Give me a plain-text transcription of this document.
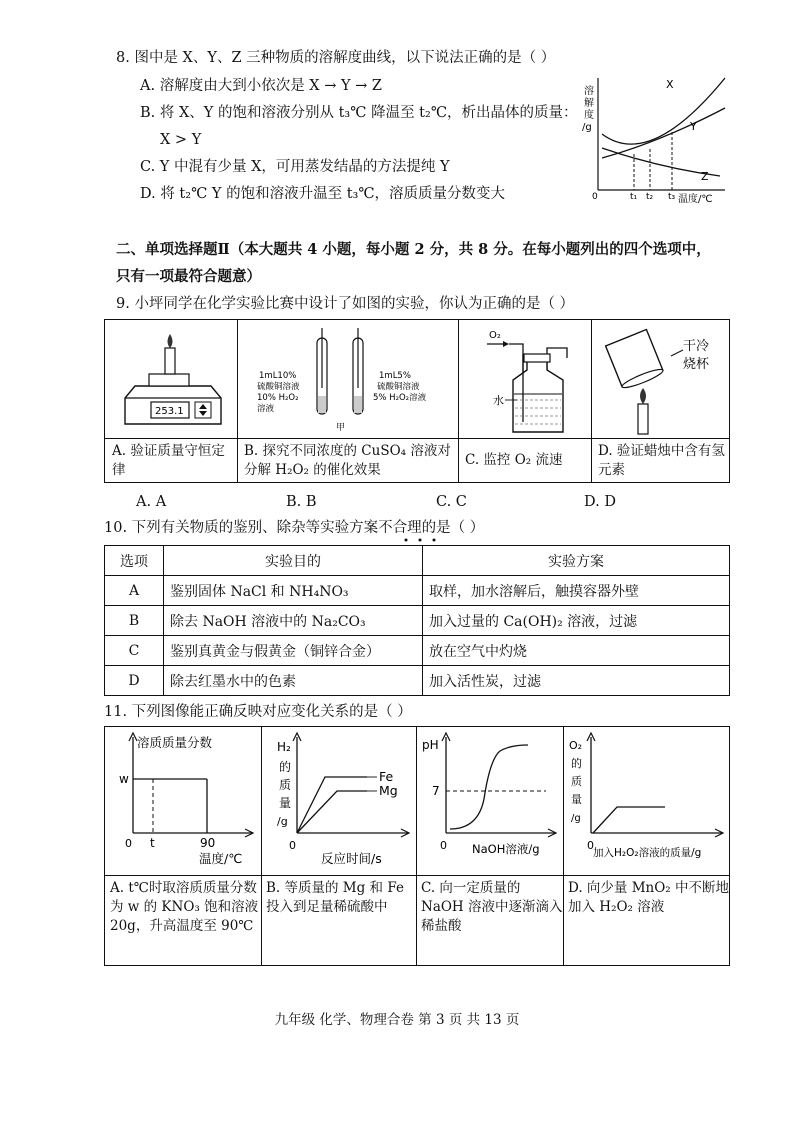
8. 图中是 X、Y、Z 三种物质的溶解度曲线，以下说法正确的是（ ）
A. 溶解度由大到小依次是 X → Y → Z
B. 将 X、Y 的饱和溶液分别从 t₃℃ 降温至 t₂℃，析出晶体的质量：
X > Y
C. Y 中混有少量 X，可用蒸发结晶的方法提纯 Y
D. 将 t₂℃ Y 的饱和溶液升温至 t₃℃，溶质质量分数变大
溶
解
度
/g
0	t₁ t₂ t₃ 温度/℃
X
Y
Z
二、单项选择题Ⅱ（本大题共 4 小题，每小题 2 分，共 8 分。在每小题列出的四个选项中，
只有一项最符合题意）
9. 小坪同学在化学实验比赛中设计了如图的实验，你认为正确的是（ ）
253.1
1mL10%
硫酸铜溶液
10% H₂O₂
溶液
1mL5%
硫酸铜溶液
5% H₂O₂溶液
甲
O₂
水
干冷
烧杯
A. 验证质量守恒定律
B. 探究不同浓度的 CuSO₄ 溶液对分解 H₂O₂ 的催化效果
C. 监控 O₂ 流速
D. 验证蜡烛中含有氢元素
A. A	B. B	C. C	D. D
10. 下列有关物质的鉴别、除杂等实验方案不合理的是（ ）
选项	实验目的	实验方案
A	鉴别固体 NaCl 和 NH₄NO₃	取样，加水溶解后，触摸容器外壁
B	除去 NaOH 溶液中的 Na₂CO₃	加入过量的 Ca(OH)₂ 溶液，过滤
C	鉴别真黄金与假黄金（铜锌合金）	放在空气中灼烧
D	除去红墨水中的色素	加入活性炭，过滤
11. 下列图像能正确反映对应变化关系的是（ ）
溶质质量分数
w
0 t	90
温度/℃
H₂
的
质
量
/g
Fe
Mg
0
反应时间/s
pH
7
0 NaOH溶液/g
O₂
的
质
量
/g
0
加入H₂O₂溶液的质量/g
A. t℃时取溶质质量分数为 w 的 KNO₃ 饱和溶液 20g，升高温度至 90℃
B. 等质量的 Mg 和 Fe 投入到足量稀硫酸中
C. 向一定质量的 NaOH 溶液中逐渐滴入稀盐酸
D. 向少量 MnO₂ 中不断地加入 H₂O₂ 溶液
九年级 化学、物理合卷 第 3 页 共 13 页
